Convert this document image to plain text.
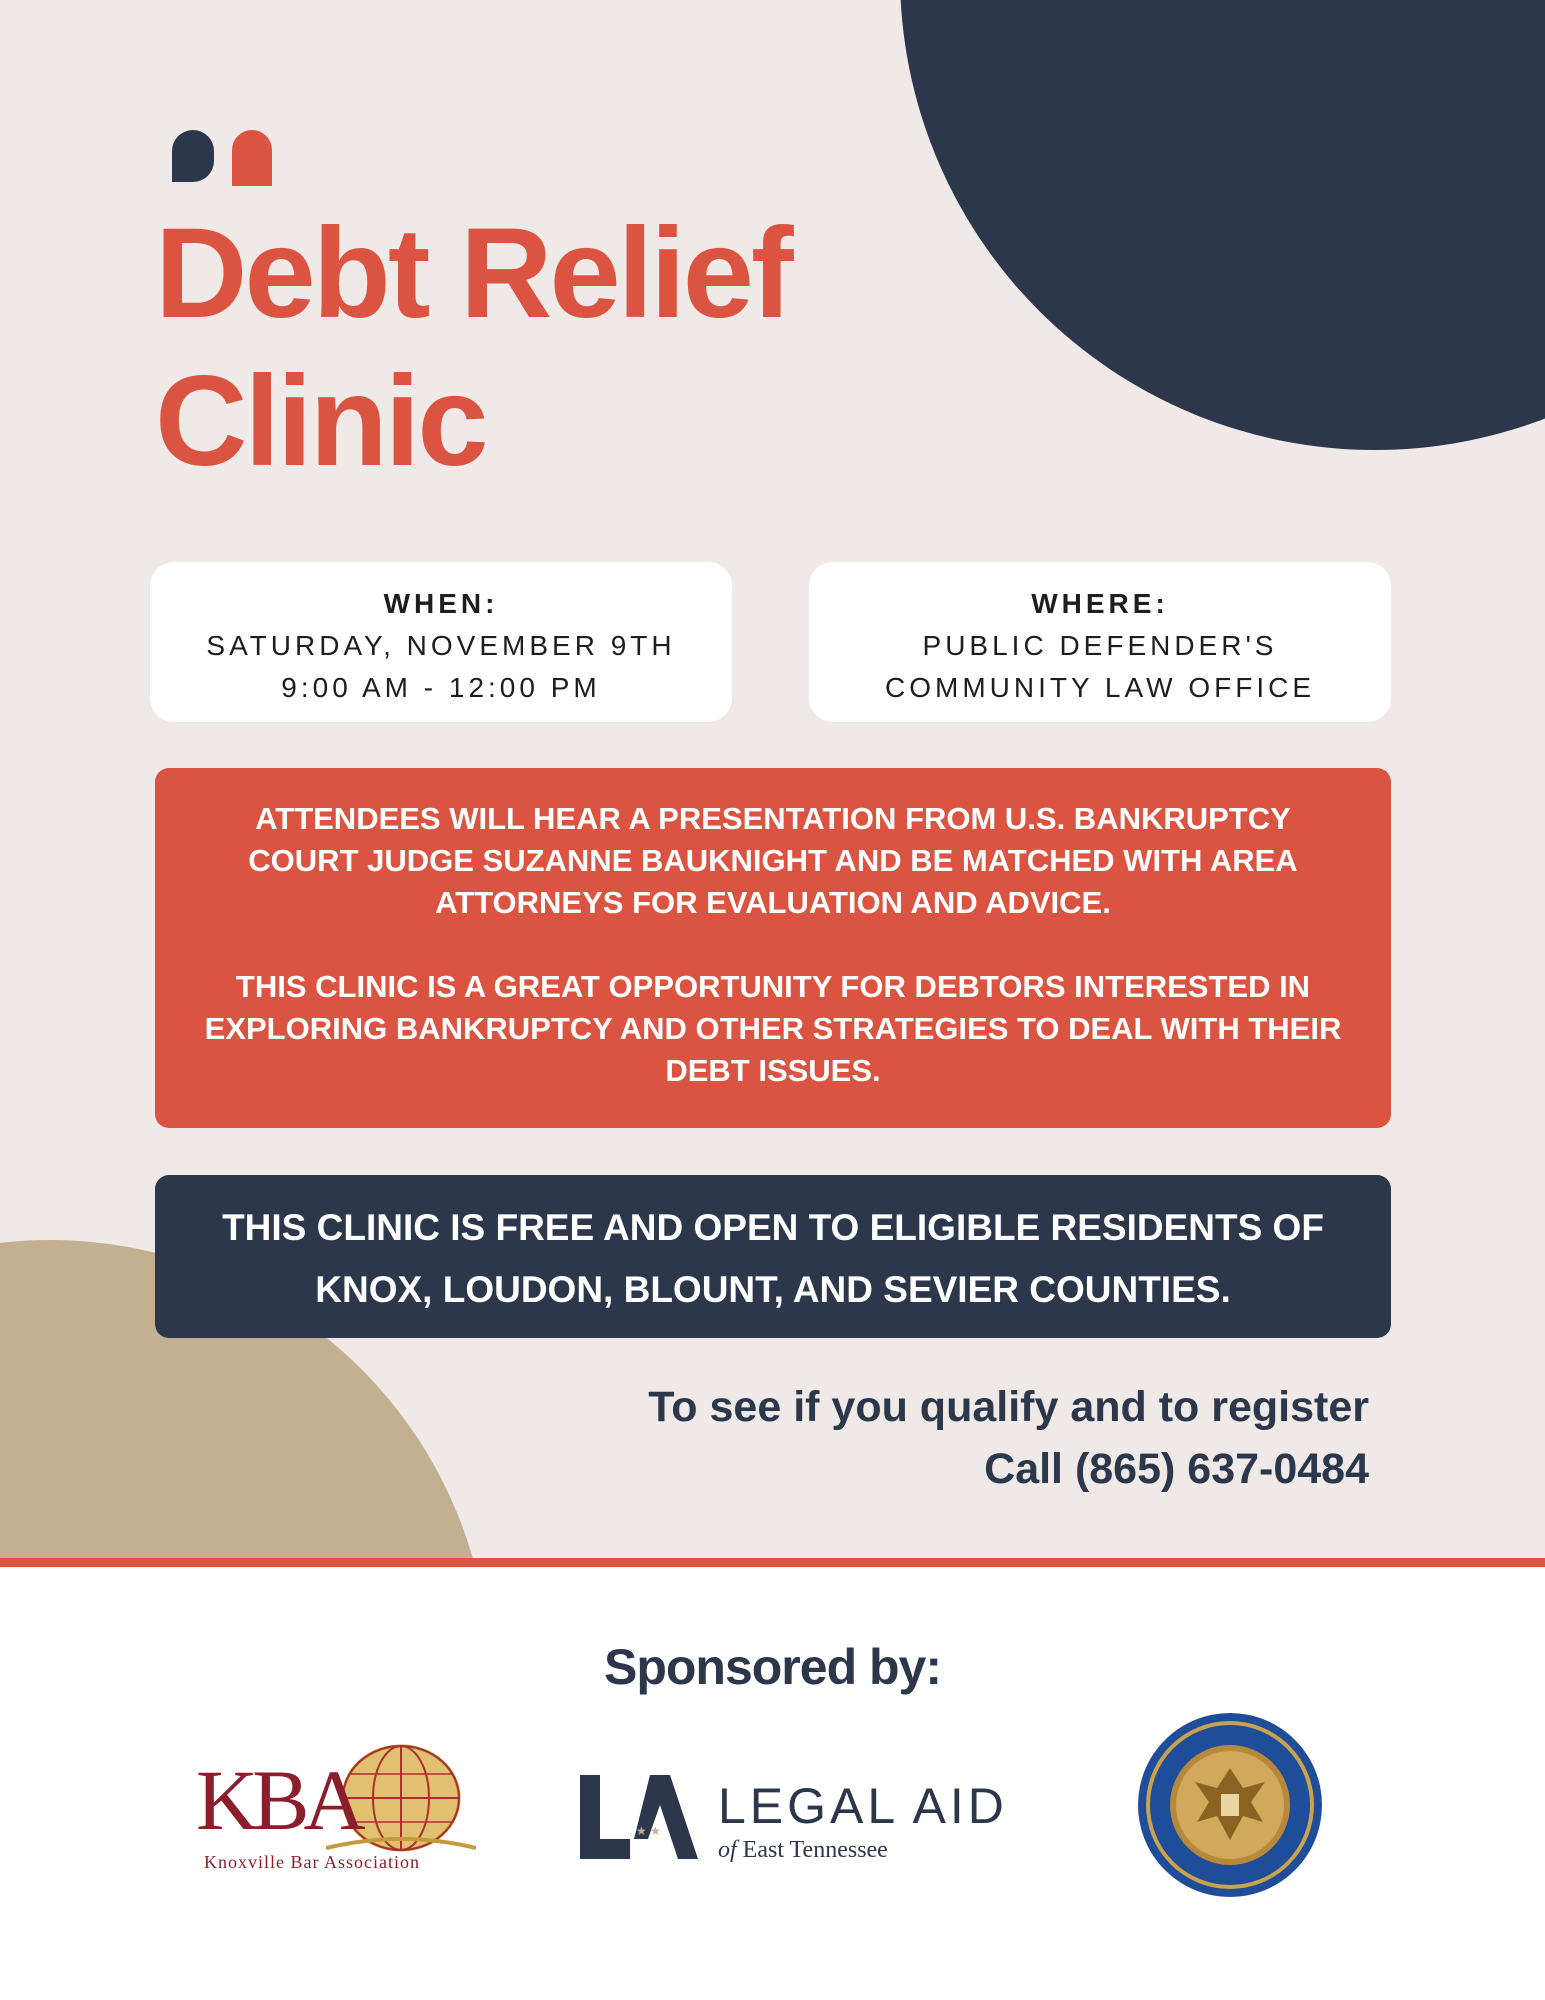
Debt Relief
Clinic
WHEN:
SATURDAY, NOVEMBER 9TH
9:00 AM - 12:00 PM
WHERE:
PUBLIC DEFENDER'S
COMMUNITY LAW OFFICE

ATTENDEES WILL HEAR A PRESENTATION FROM U.S. BANKRUPTCY COURT JUDGE SUZANNE BAUKNIGHT AND BE MATCHED WITH AREA ATTORNEYS FOR EVALUATION AND ADVICE.

THIS CLINIC IS A GREAT OPPORTUNITY FOR DEBTORS INTERESTED IN EXPLORING BANKRUPTCY AND OTHER STRATEGIES TO DEAL WITH THEIR DEBT ISSUES.

THIS CLINIC IS FREE AND OPEN TO ELIGIBLE RESIDENTS OF KNOX, LOUDON, BLOUNT, AND SEVIER COUNTIES.
To see if you qualify and to register
Call (865) 637-0484
Sponsored by:
KBA
Knoxville Bar Association
★ ★ LEGAL AID
of East Tennessee
